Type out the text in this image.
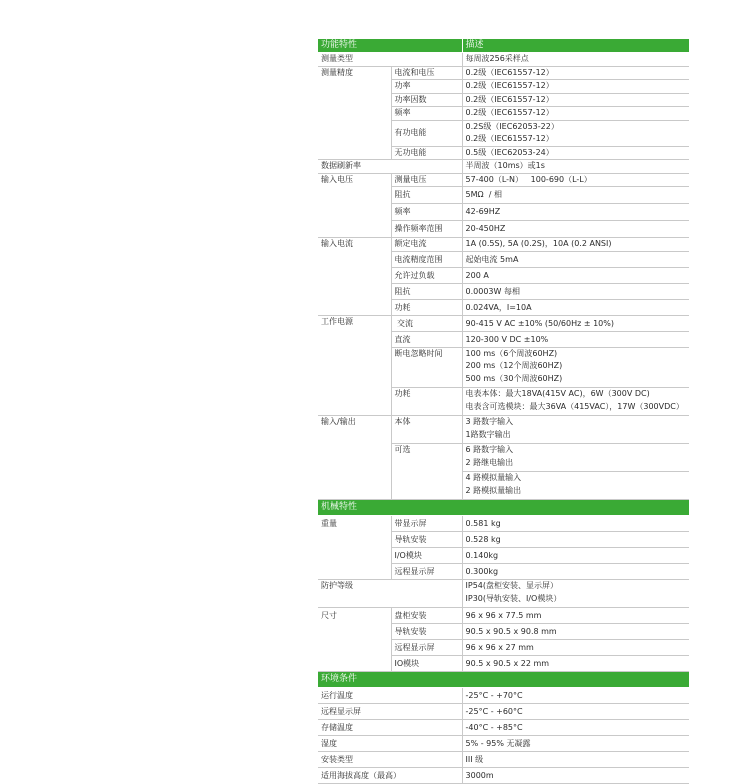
功能特性		描述
测量类型		每周波256采样点
测量精度	电流和电压	0.2级（IEC61557-12）
	功率	0.2级（IEC61557-12）
	功率因数	0.2级（IEC61557-12）
	频率	0.2级（IEC61557-12）
	有功电能	0.2S级（IEC62053-22）
0.2级（IEC61557-12）

	无功电能	0.5级（IEC62053-24）
数据刷新率		半周波（10ms）或1s
输入电压	测量电压	57-400（L-N）   100-690（L-L）
	阻抗	5MΩ  / 相
	频率	42-69HZ
	操作频率范围	20-450HZ
输入电流	额定电流	1A (0.5S), 5A (0.2S)，10A (0.2 ANSI)
	电流精度范围	起始电流 5mA
	允许过负载	200 A
	阻抗	0.0003W 每相
	功耗	0.024VA，I=10A
工作电源	交流	90-415 V AC ±10% (50/60Hz ± 10%)
	直流	120-300 V DC ±10%
	断电忽略时间	100 ms（6个周波60HZ)
200 ms（12个周波60HZ)
500 ms（30个周波60HZ)

	功耗	电表本体：最大18VA(415V AC)，6W（300V DC)
电表含可选模块：最大36VA（415VAC），17W（300VDC）

输入/输出	本体	3 路数字输入
1路数字输出

	可选	6 路数字输入
2 路继电输出

		4 路模拟量输入
2 路模拟量输出

机械特性		
重量	带显示屏	0.581 kg
	导轨安装	0.528 kg
	I/O模块	0.140kg
	远程显示屏	0.300kg
防护等级		IP54(盘柜安装、显示屏）
IP30(导轨安装、I/O模块）

尺寸	盘柜安装	96 x 96 x 77.5 mm
	导轨安装	90.5 x 90.5 x 90.8 mm
	远程显示屏	96 x 96 x 27 mm
	IO模块	90.5 x 90.5 x 22 mm
环境条件		
运行温度		-25°C - +70°C
远程显示屏		-25°C - +60°C
存储温度		-40°C - +85°C
湿度		5% - 95% 无凝露
安装类型		III 级
适用海拔高度（最高）		3000m
